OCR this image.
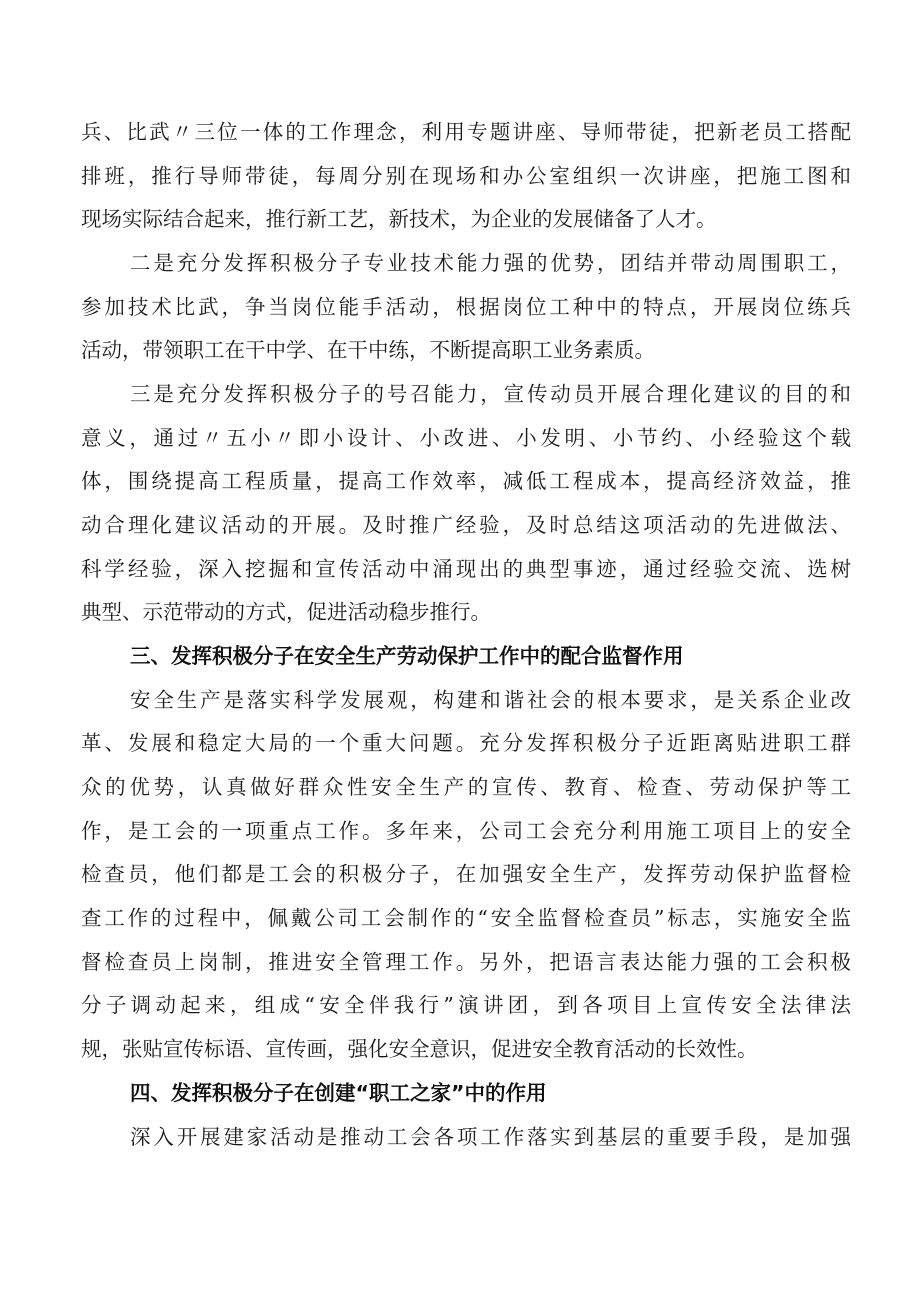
兵、比武〃三位一体的工作理念，利用专题讲座、导师带徒，把新老员工搭配
排班，推行导师带徒，每周分别在现场和办公室组织一次讲座，把施工图和
现场实际结合起来，推行新工艺，新技术，为企业的发展储备了人才。
二是充分发挥积极分子专业技术能力强的优势，团结并带动周围职工，
参加技术比武，争当岗位能手活动，根据岗位工种中的特点，开展岗位练兵
活动，带领职工在干中学、在干中练，不断提高职工业务素质。
三是充分发挥积极分子的号召能力，宣传动员开展合理化建议的目的和
意义，通过〃五小〃即小设计、小改进、小发明、小节约、小经验这个载
体，围绕提高工程质量，提高工作效率，减低工程成本，提高经济效益，推
动合理化建议活动的开展。及时推广经验，及时总结这项活动的先进做法、
科学经验，深入挖掘和宣传活动中涌现出的典型事迹，通过经验交流、选树
典型、示范带动的方式，促进活动稳步推行。
三、发挥积极分子在安全生产劳动保护工作中的配合监督作用
安全生产是落实科学发展观，构建和谐社会的根本要求，是关系企业改
革、发展和稳定大局的一个重大问题。充分发挥积极分子近距离贴进职工群
众的优势，认真做好群众性安全生产的宣传、教育、检查、劳动保护等工
作，是工会的一项重点工作。多年来，公司工会充分利用施工项目上的安全
检查员，他们都是工会的积极分子，在加强安全生产，发挥劳动保护监督检
查工作的过程中，佩戴公司工会制作的“安全监督检查员”标志，实施安全监
督检查员上岗制，推进安全管理工作。另外，把语言表达能力强的工会积极
分子调动起来，组成“安全伴我行”演讲团，到各项目上宣传安全法律法
规，张贴宣传标语、宣传画，强化安全意识，促进安全教育活动的长效性。
四、发挥积极分子在创建“职工之家”中的作用
深入开展建家活动是推动工会各项工作落实到基层的重要手段，是加强
